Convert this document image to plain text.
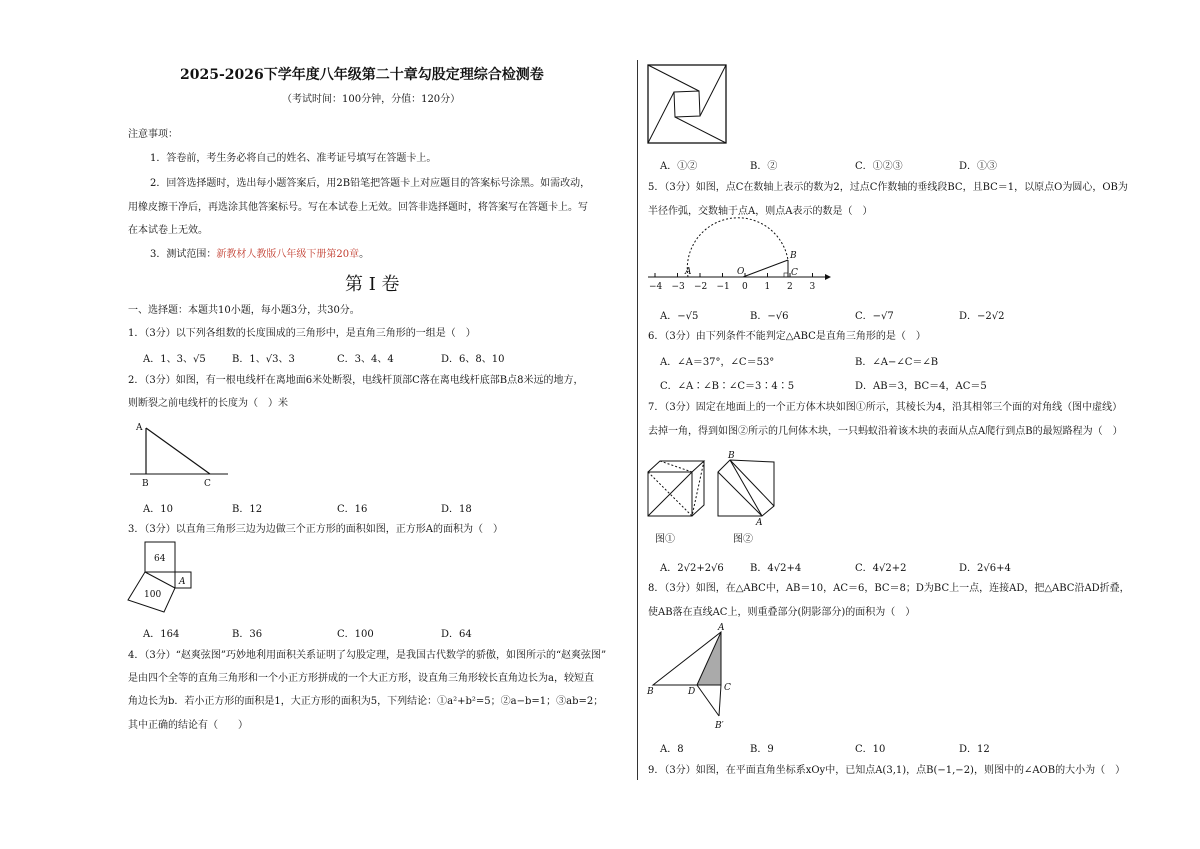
2025-2026下学年度八年级第二十章勾股定理综合检测卷
（考试时间：100分钟，分值：120分）
注意事项：
1．答卷前，考生务必将自己的姓名、准考证号填写在答题卡上。
2．回答选择题时，选出每小题答案后，用2B铅笔把答题卡上对应题目的答案标号涂黑。如需改动，
用橡皮擦干净后，再选涂其他答案标号。写在本试卷上无效。回答非选择题时，将答案写在答题卡上。写
在本试卷上无效。
3．测试范围：新教材人教版八年级下册第20章。
第 I 卷
一、选择题：本题共10小题，每小题3分，共30分。
1．（3分）以下列各组数的长度围成的三角形中，是直角三角形的一组是（　）
A．1、3、√5	B．1、√3、3	C．3、4、4	D．6、8、10
2．（3分）如图，有一根电线杆在离地面6米处断裂，电线杆顶部C落在离电线杆底部B点8米远的地方，
则断裂之前电线杆的长度为（　）米
A
B	C
A．10	B．12	C．16	D．18
3．（3分）以直角三角形三边为边做三个正方形的面积如图，正方形A的面积为（　）
64
100
A
A．164	B．36	C．100	D．64
4．（3分）“赵爽弦图”巧妙地利用面积关系证明了勾股定理，是我国古代数学的骄傲，如图所示的“赵爽弦图”
是由四个全等的直角三角形和一个小正方形拼成的一个大正方形，设直角三角形较长直角边长为a，较短直
角边长为b．若小正方形的面积是1，大正方形的面积为5，下列结论：①a²+b²=5；②a−b=1；③ab=2；
其中正确的结论有（　　）
A．①②	B．②	C．①②③	D．①③
5．（3分）如图，点C在数轴上表示的数为2，过点C作数轴的垂线段BC，且BC＝1，以原点O为圆心，OB为
半径作弧，交数轴于点A，则点A表示的数是（　）
−4 −3 −2 −1 0 1 2 3
A	O
B
C
A．−√5	B．−√6	C．−√7	D．−2√2
6．（3分）由下列条件不能判定△ABC是直角三角形的是（　）
A．∠A＝37°，∠C＝53°	B．∠A−∠C＝∠B
C．∠A∶∠B∶∠C＝3∶4∶5	D．AB＝3，BC＝4，AC＝5
7．（3分）固定在地面上的一个正方体木块如图①所示，其棱长为4，沿其相邻三个面的对角线（图中虚线）
去掉一角，得到如图②所示的几何体木块，一只蚂蚁沿着该木块的表面从点A爬行到点B的最短路程为（　）
B
A
图①	图②
A．2√2+2√6	B．4√2+4	C．4√2+2	D．2√6+4
8．（3分）如图，在△ABC中，AB＝10，AC＝6，BC＝8；D为BC上一点，连接AD，把△ABC沿AD折叠，
使AB落在直线AC上，则重叠部分(阴影部分)的面积为（　）
A
B	D	C
B′
A．8	B．9	C．10	D．12
9．（3分）如图，在平面直角坐标系xOy中，已知点A(3,1)，点B(−1,−2)，则图中的∠AOB的大小为（　）
